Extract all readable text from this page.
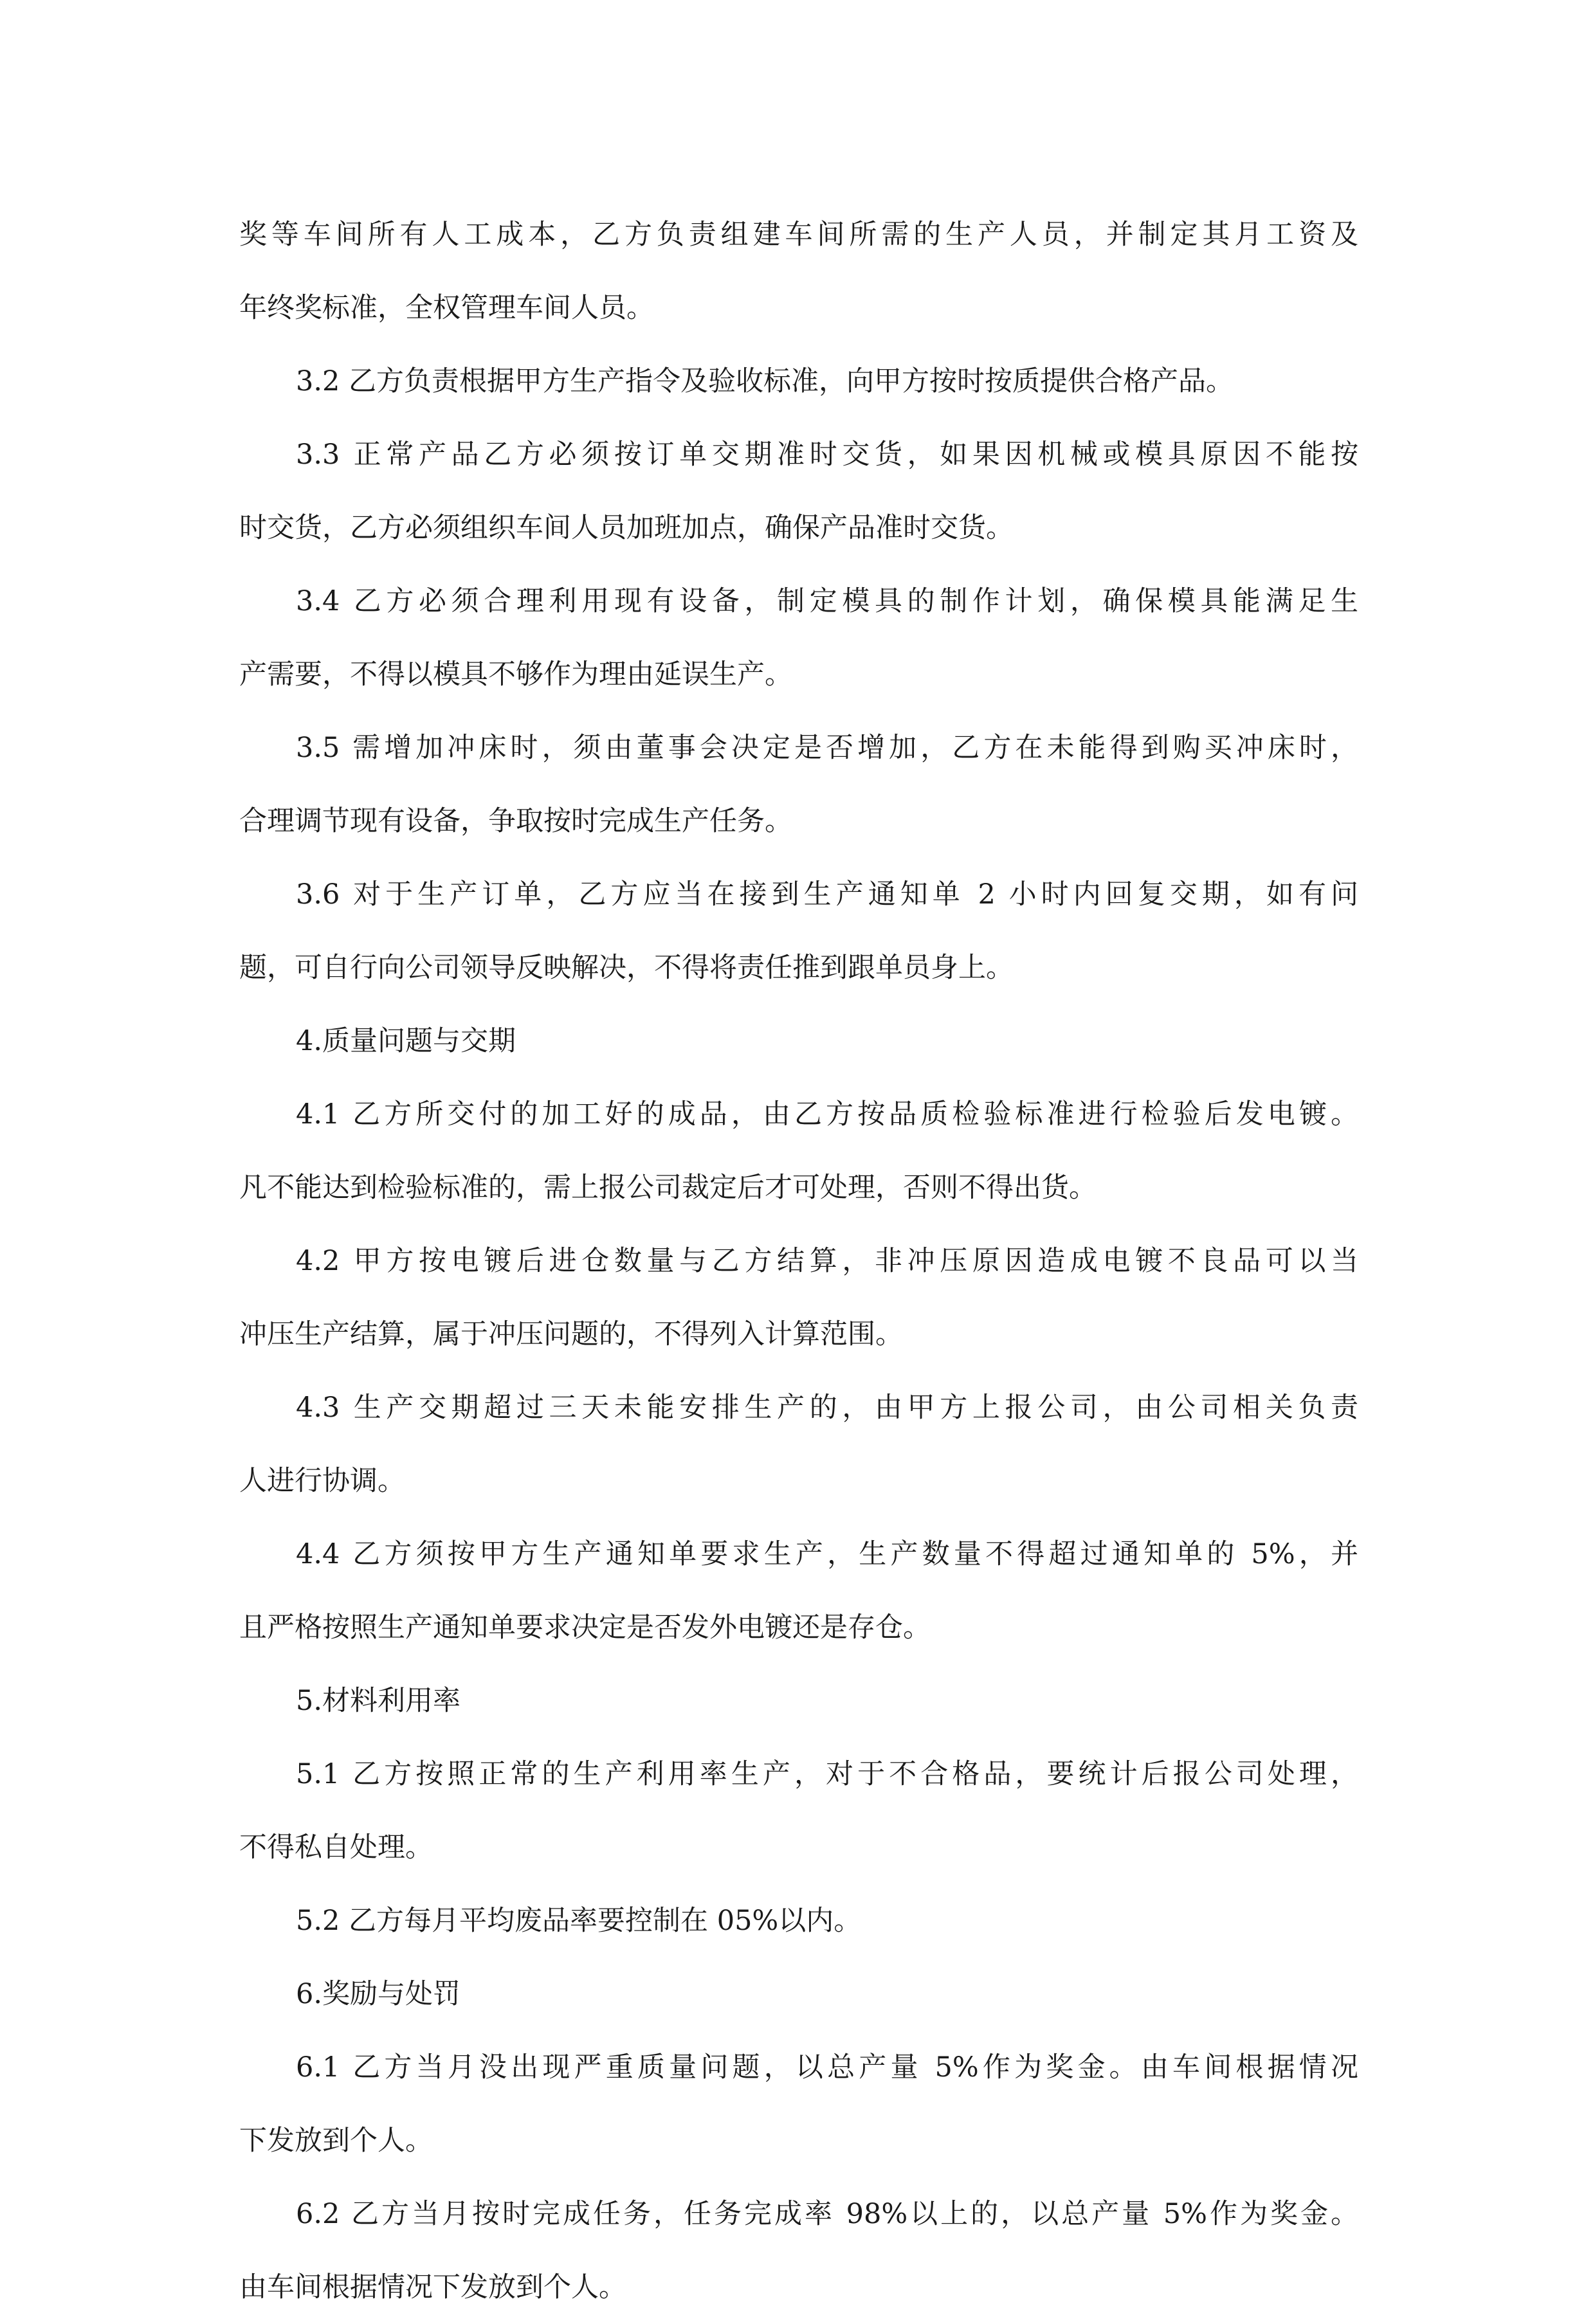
奖等车间所有人工成本，乙方负责组建车间所需的生产人员，并制定其月工资及
年终奖标准，全权管理车间人员。
3.2 乙方负责根据甲方生产指令及验收标准，向甲方按时按质提供合格产品。
3.3 正常产品乙方必须按订单交期准时交货，如果因机械或模具原因不能按
时交货，乙方必须组织车间人员加班加点，确保产品准时交货。
3.4 乙方必须合理利用现有设备，制定模具的制作计划，确保模具能满足生
产需要，不得以模具不够作为理由延误生产。
3.5 需增加冲床时，须由董事会决定是否增加，乙方在未能得到购买冲床时，
合理调节现有设备，争取按时完成生产任务。
3.6 对于生产订单，乙方应当在接到生产通知单 2 小时内回复交期，如有问
题，可自行向公司领导反映解决，不得将责任推到跟单员身上。
4.质量问题与交期
4.1 乙方所交付的加工好的成品，由乙方按品质检验标准进行检验后发电镀。
凡不能达到检验标准的，需上报公司裁定后才可处理，否则不得出货。
4.2 甲方按电镀后进仓数量与乙方结算，非冲压原因造成电镀不良品可以当
冲压生产结算，属于冲压问题的，不得列入计算范围。
4.3 生产交期超过三天未能安排生产的，由甲方上报公司，由公司相关负责
人进行协调。
4.4 乙方须按甲方生产通知单要求生产，生产数量不得超过通知单的 5%，并
且严格按照生产通知单要求决定是否发外电镀还是存仓。
5.材料利用率
5.1 乙方按照正常的生产利用率生产，对于不合格品，要统计后报公司处理，
不得私自处理。
5.2 乙方每月平均废品率要控制在 05%以内。
6.奖励与处罚
6.1 乙方当月没出现严重质量问题，以总产量 5%作为奖金。由车间根据情况
下发放到个人。
6.2 乙方当月按时完成任务，任务完成率 98%以上的，以总产量 5%作为奖金。
由车间根据情况下发放到个人。
